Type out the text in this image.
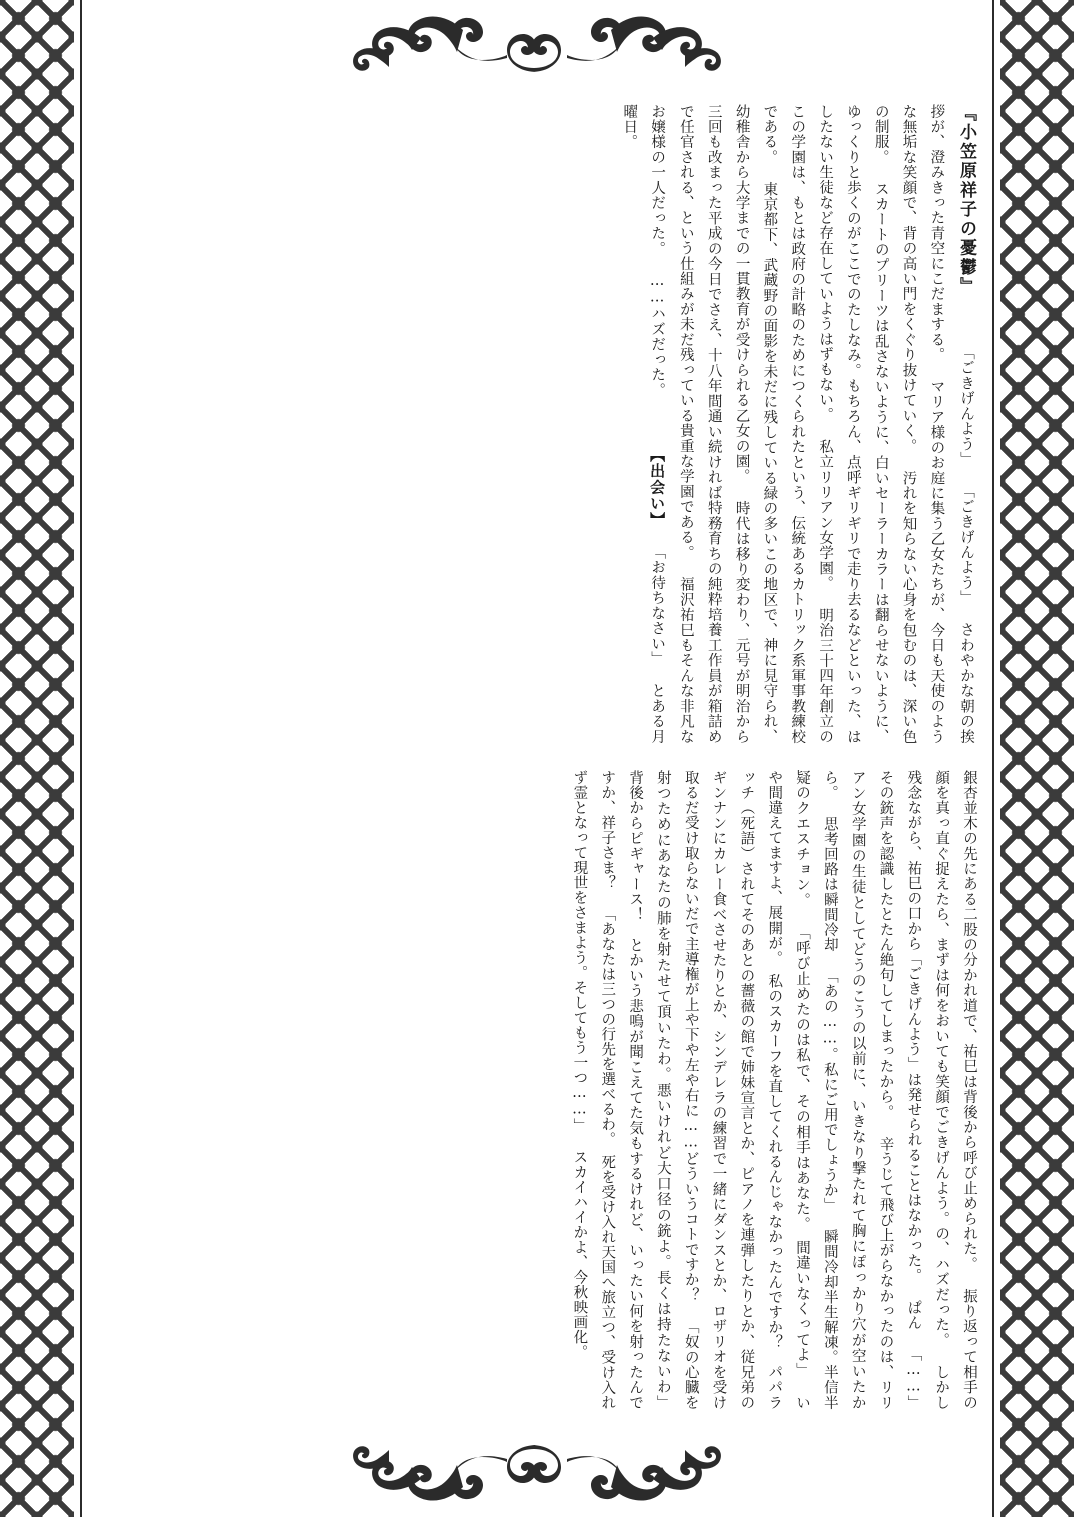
『小笠原祥子の憂鬱』 　 「ごきげんよう」 「ごきげんよう」 さわやかな朝の挨拶が、澄みきった青空にこだまする。 マリア様のお庭に集う乙女たちが、今日も天使のような無垢な笑顔で、背の高い門をくぐり抜けていく。 汚れを知らない心身を包むのは、深い色の制服。 スカートのプリーツは乱さないように、白いセーラーカラーは翻らせないように、ゆっくりと歩くのがここでのたしなみ。もちろん、点呼ギリギリで走り去るなどといった、はしたない生徒など存在していようはずもない。 私立リリアン女学園。 明治三十四年創立のこの学園は、もとは政府の計略のためにつくられたという、伝統あるカトリック系軍事教練校である。 東京都下、武蔵野の面影を未だに残している緑の多いこの地区で、神に見守られ、幼稚舎から大学までの一貫教育が受けられる乙女の園。 時代は移り変わり、元号が明治から三回も改まった平成の今日でさえ、十八年間通い続ければ特務育ちの純粋培養工作員が箱詰めで任官される、という仕組みが未だ残っている貴重な学園である。 福沢祐巳もそんな非凡なお嬢様の一人だった。 ……ハズだった。 　 【出会い】 「お待ちなさい」 とある月曜日。
銀杏並木の先にある二股の分かれ道で、祐巳は背後から呼び止められた。 振り返って相手の顔を真っ直ぐ捉えたら、まずは何をおいても笑顔でごきげんよう。の、ハズだった。 しかし残念ながら、祐巳の口から「ごきげんよう」は発せられることはなかった。 ぱん 「……」 その銃声を認識したとたん絶句してしまったから。 辛うじて飛び上がらなかったのは、リリアン女学園の生徒としてどうのこうの以前に、いきなり撃たれて胸にぽっかり穴が空いたから。 思考回路は瞬間冷却 「あの……。私にご用でしょうか」 瞬間冷却半生解凍。半信半疑のクエスチョン。 「呼び止めたのは私で、その相手はあなた。　間違いなくってよ」 いや間違えてますよ、展開が。　私のスカーフを直してくれるんじゃなかったんですか？　パパラッチ（死語）されてそのあとの薔薇の館で姉妹宣言とか、ピアノを連弾したりとか、従兄弟のギンナンにカレー食べさせたりとか、シンデレラの練習で一緒にダンスとか、ロザリオを受け取るだ受け取らないだで主導権が上や下や左や右に……どういうコトですか？ 「奴の心臓を射つためにあなたの肺を射たせて頂いたわ。悪いけれど大口径の銃よ。長くは持たないわ」 背後からピギャース！　とかいう悲鳴が聞こえてた気もするけれど、いったい何を射ったんですか、祥子さま？ 「あなたは三つの行先を選べるわ。　死を受け入れ天国へ旅立つ、受け入れず霊となって現世をさまよう。そしてもう一つ……」 スカイハイかよ、今秋映画化。
